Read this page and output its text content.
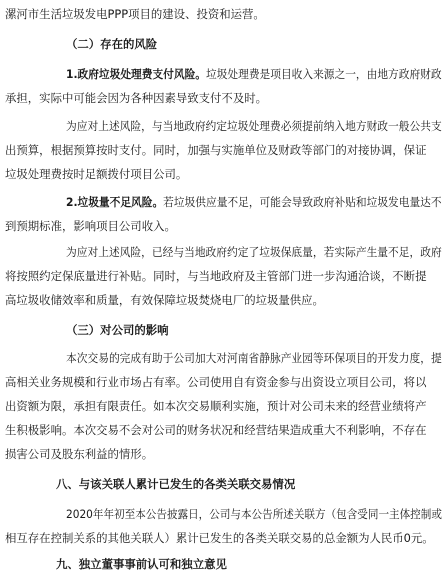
漯河市生活垃圾发电PPP项目的建设、投资和运营。
（二）存在的风险
1.政府垃圾处理费支付风险。垃圾处理费是项目收入来源之一，由地方政府财政
承担，实际中可能会因为各种因素导致支付不及时。
为应对上述风险，与当地政府约定垃圾处理费必须提前纳入地方财政一般公共支
出预算，根据预算按时支付。同时，加强与实施单位及财政等部门的对接协调，保证
垃圾处理费按时足额拨付项目公司。
2.垃圾量不足风险。若垃圾供应量不足，可能会导致政府补贴和垃圾发电量达不
到预期标准，影响项目公司收入。
为应对上述风险，已经与当地政府约定了垃圾保底量，若实际产生量不足，政府
将按照约定保底量进行补贴。同时，与当地政府及主管部门进一步沟通洽谈，不断提
高垃圾收储效率和质量，有效保障垃圾焚烧电厂的垃圾量供应。
（三）对公司的影响
本次交易的完成有助于公司加大对河南省静脉产业园等环保项目的开发力度，提
高相关业务规模和行业市场占有率。公司使用自有资金参与出资设立项目公司，将以
出资额为限，承担有限责任。如本次交易顺利实施，预计对公司未来的经营业绩将产
生积极影响。本次交易不会对公司的财务状况和经营结果造成重大不利影响，不存在
损害公司及股东利益的情形。
八、与该关联人累计已发生的各类关联交易情况
2020年年初至本公告披露日，公司与本公告所述关联方（包含受同一主体控制或
相互存在控制关系的其他关联人）累计已发生的各类关联交易的总金额为人民币0元。
九、独立董事事前认可和独立意见
